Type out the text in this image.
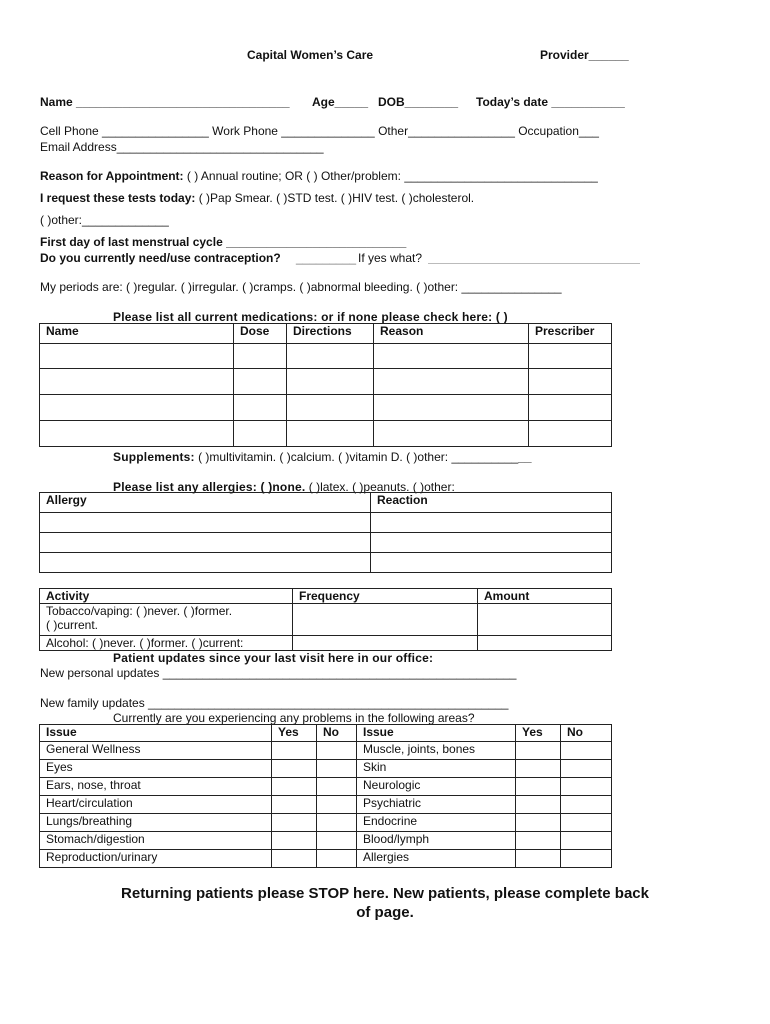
Capital Women’s Care	Provider______
Name ________________________________ Age_____ DOB________ Today’s date ___________
Cell Phone ________________ Work Phone ______________ Other________________ Occupation___
Email Address_______________________________
Reason for Appointment: ( ) Annual routine; OR ( ) Other/problem: _____________________________
I request these tests today: ( )Pap Smear. ( )STD test. ( )HIV test. ( )cholesterol.
( )other:_____________
First day of last menstrual cycle ___________________________
Do you currently need/use contraception? _________ If yes what?
My periods are: ( )regular. ( )irregular. ( )cramps. ( )abnormal bleeding. ( )other: _______________
Please list all current medications: or if none please check here: ( )
Name	Dose	Directions	Reason	Prescriber

Supplements: ( )multivitamin. ( )calcium. ( )vitamin D. ( )other: ____________
Please list any allergies: ( )none. ( )latex. ( )peanuts. ( )other:
Allergy	Reaction

Activity	Frequency	Amount

Tobacco/vaping: ( )never. ( )former.
( )current.		

Alcohol: ( )never. ( )former. ( )current:		
Patient updates since your last visit here in our office:
New personal updates _____________________________________________________
New family updates ______________________________________________________
Currently are you experiencing any problems in the following areas?
Issue	Yes	No	Issue	Yes	No
General Wellness			Muscle, joints, bones		
Eyes			Skin		
Ears, nose, throat			Neurologic		
Heart/circulation			Psychiatric		
Lungs/breathing			Endocrine		
Stomach/digestion			Blood/lymph		
Reproduction/urinary			Allergies		
Returning patients please STOP here. New patients, please complete back
of page.
